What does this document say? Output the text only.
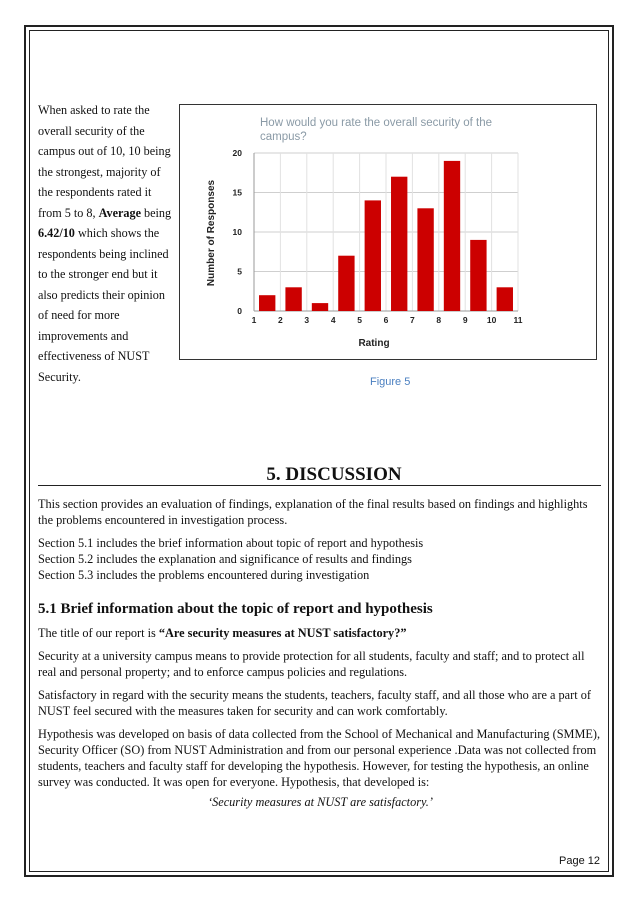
When asked to rate the overall security of the campus out of 10, 10 being the strongest, majority of the respondents rated it from 5 to 8, Average being 6.42/10 which shows the respondents being inclined to the stronger end but it also predicts their opinion of need for more improvements and effectiveness of NUST Security.
How would you rate the overall security of the
campus?
Rating
Number of Responses
0
5
10
15
20
1	2	3	4	5	6	7	8	9 10 11
Figure 5
5. DISCUSSION

This section provides an evaluation of findings, explanation of the final results based on findings and highlights the problems encountered in investigation process.

Section 5.1 includes the brief information about topic of report and hypothesis

Section 5.2 includes the explanation and significance of results and findings

Section 5.3 includes the problems encountered during investigation

5.1 Brief information about the topic of report and hypothesis

The title of our report is “Are security measures at NUST satisfactory?”

Security at a university campus means to provide protection for all students, faculty and staff; and to protect all real and personal property; and to enforce campus policies and regulations.

Satisfactory in regard with the security means the students, teachers, faculty staff, and all those who are a part of NUST feel secured with the measures taken for security and can work comfortably.

Hypothesis was developed on basis of data collected from the School of Mechanical and Manufacturing (SMME), Security Officer (SO) from NUST Administration and from our personal experience .Data was not collected from students, teachers and faculty staff for developing the hypothesis. However, for testing the hypothesis, an online survey was conducted. It was open for everyone. Hypothesis, that developed is:

‘Security measures at NUST are satisfactory.’
Page 12
